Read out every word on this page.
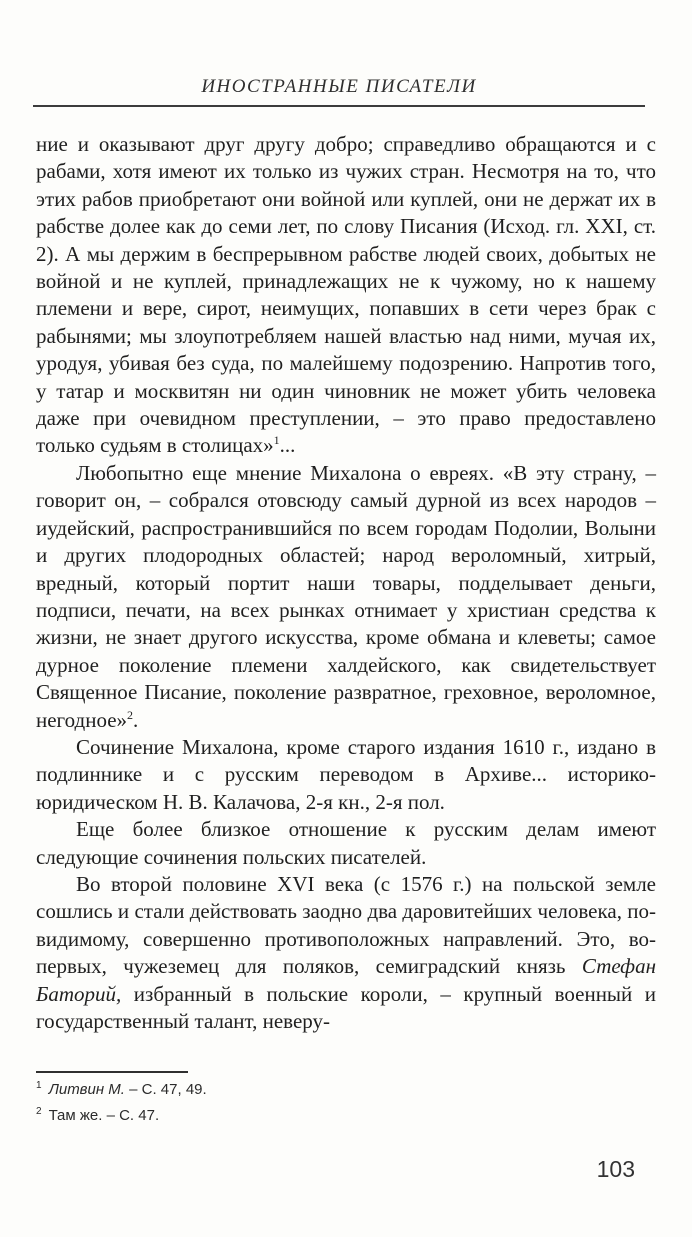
ИНОСТРАННЫЕ ПИСАТЕЛИ

ние и оказывают друг другу добро; справедливо обращаются и с рабами, хотя имеют их только из чужих стран. Несмотря на то, что этих рабов приобретают они войной или куплей, они не держат их в рабстве долее как до семи лет, по слову Писания (Исход. гл. XXI, ст. 2). А мы держим в беспрерывном рабстве людей своих, добытых не войной и не куплей, принадлежащих не к чужому, но к нашему племени и вере, сирот, неимущих, попавших в сети через брак с рабынями; мы злоупотребляем нашей властью над ними, мучая их, уродуя, убивая без суда, по малейшему подозрению. Напротив того, у татар и москвитян ни один чиновник не может убить человека даже при очевидном преступлении, – это право предоставлено только судьям в столицах»$^1$...

Любопытно еще мнение Михалона о евреях. «В эту страну, – говорит он, – собрался отовсюду самый дурной из всех народов – иудейский, распространившийся по всем городам Подолии, Волыни и других плодородных областей; народ вероломный, хитрый, вредный, который портит наши товары, подделывает деньги, подписи, печати, на всех рынках отнимает у христиан средства к жизни, не знает другого искусства, кроме обмана и клеветы; самое дурное поколение племени халдейского, как свидетельствует Священное Писание, поколение развратное, греховное, вероломное, негодное»$^2$.

Сочинение Михалона, кроме старого издания 1610 г., издано в подлиннике и с русским переводом в Архиве... историко- юридическом Н. В. Калачова, 2-я кн., 2-я пол.

Еще более близкое отношение к русским делам имеют следующие сочинения польских писателей.

Во второй половине XVI века (с 1576 г.) на польской земле сошлись и стали действовать заодно два даровитейших человека, по-видимому, совершенно противоположных направлений. Это, во-первых, чужеземец для поляков, семиградский князь Стефан Баторий, избранный в польские короли, – крупный военный и государственный талант, неверу-

$^1$ Литвин М. – С. 47, 49.
$^2$ Там же. – С. 47.
103
